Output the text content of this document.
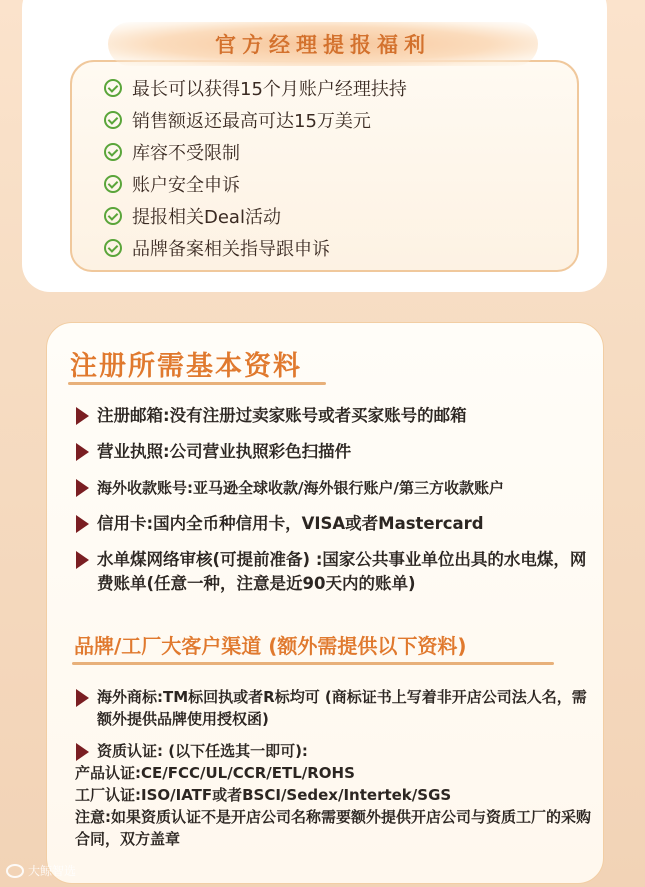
官方经理提报福利
最长可以获得15个月账户经理扶持
销售额返还最高可达15万美元
库容不受限制
账户安全申诉
提报相关Deal活动
品牌备案相关指导跟申诉
注册所需基本资料
注册邮箱:没有注册过卖家账号或者买家账号的邮箱
营业执照:公司营业执照彩色扫描件
海外收款账号:亚马逊全球收款/海外银行账户/第三方收款账户
信用卡:国内全币种信用卡，VISA或者Mastercard
水单煤网络审核(可提前准备) :国家公共事业单位出具的水电煤，网费账单(任意一种，注意是近90天内的账单)
品牌/工厂大客户渠道 (额外需提供以下资料)
海外商标:TM标回执或者R标均可 (商标证书上写着非开店公司法人名，需额外提供品牌使用授权函)
资质认证: (以下任选其一即可):
产品认证:CE/FCC/UL/CCR/ETL/ROHS
工厂认证:ISO/IATF或者BSCI/Sedex/Intertek/SGS
注意:如果资质认证不是开店公司名称需要额外提供开店公司与资质工厂的采购合同，双方盖章
大鲸智选
